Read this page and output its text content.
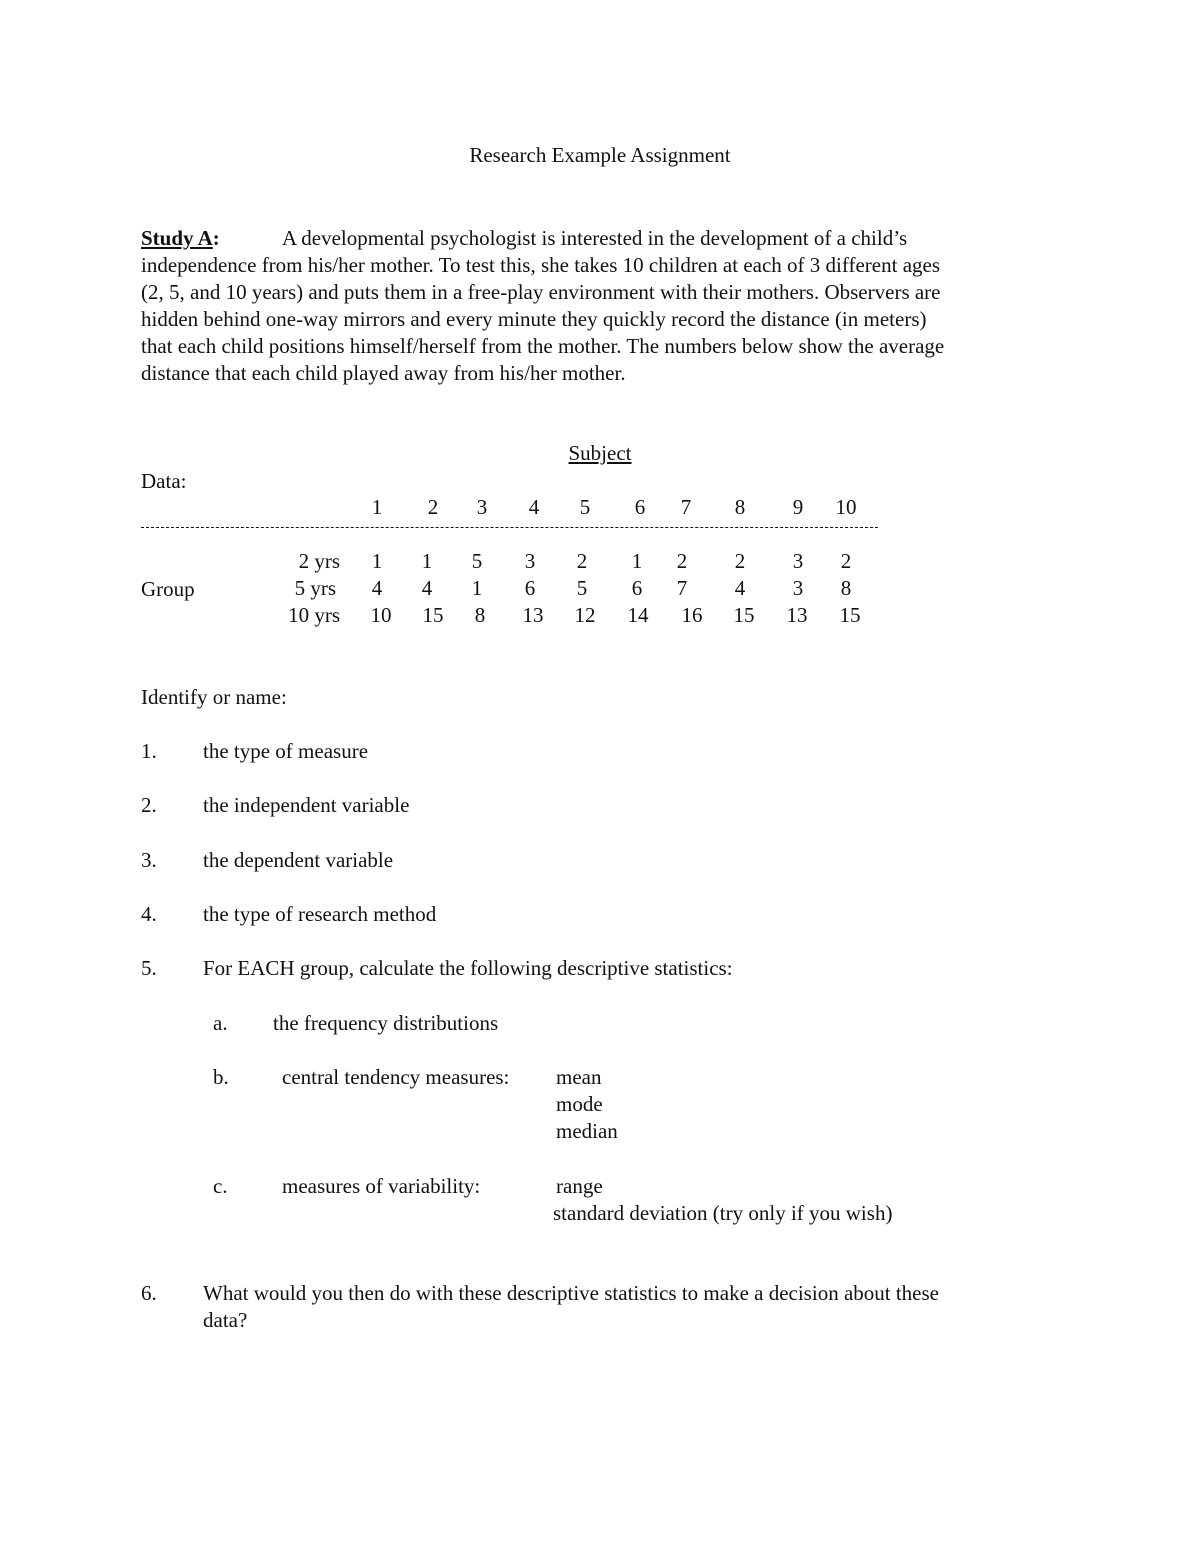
Research Example Assignment

Study A:	A developmental psychologist is interested in the development of a child’s

independence from his/her mother. To test this, she takes 10 children at each of 3 different ages

(2, 5, and 10 years) and puts them in a free-play environment with their mothers. Observers are

hidden behind one-way mirrors and every minute they quickly record the distance (in meters)

that each child positions himself/herself from the mother. The numbers below show the average

distance that each child played away from his/her mother.

Subject
Data:
1	2	3	4	5	6	7	8	9	10
Group
2 yrs	1	1	5	3	2	1	2	2	3	2
5 yrs	4	4	1	6	5	6	7	4	3	8
10 yrs	10	15	8	13	12	14	16	15	13	15
Identify or name:
1. the type of measure
2. the independent variable
3. the dependent variable
4. the type of research method
5. For EACH group, calculate the following descriptive statistics:
a. the frequency distributions
b.	central tendency measures: mean
mode
median
c.	measures of variability:	range
standard deviation (try only if you wish)
6. What would you then do with these descriptive statistics to make a decision about these
data?
